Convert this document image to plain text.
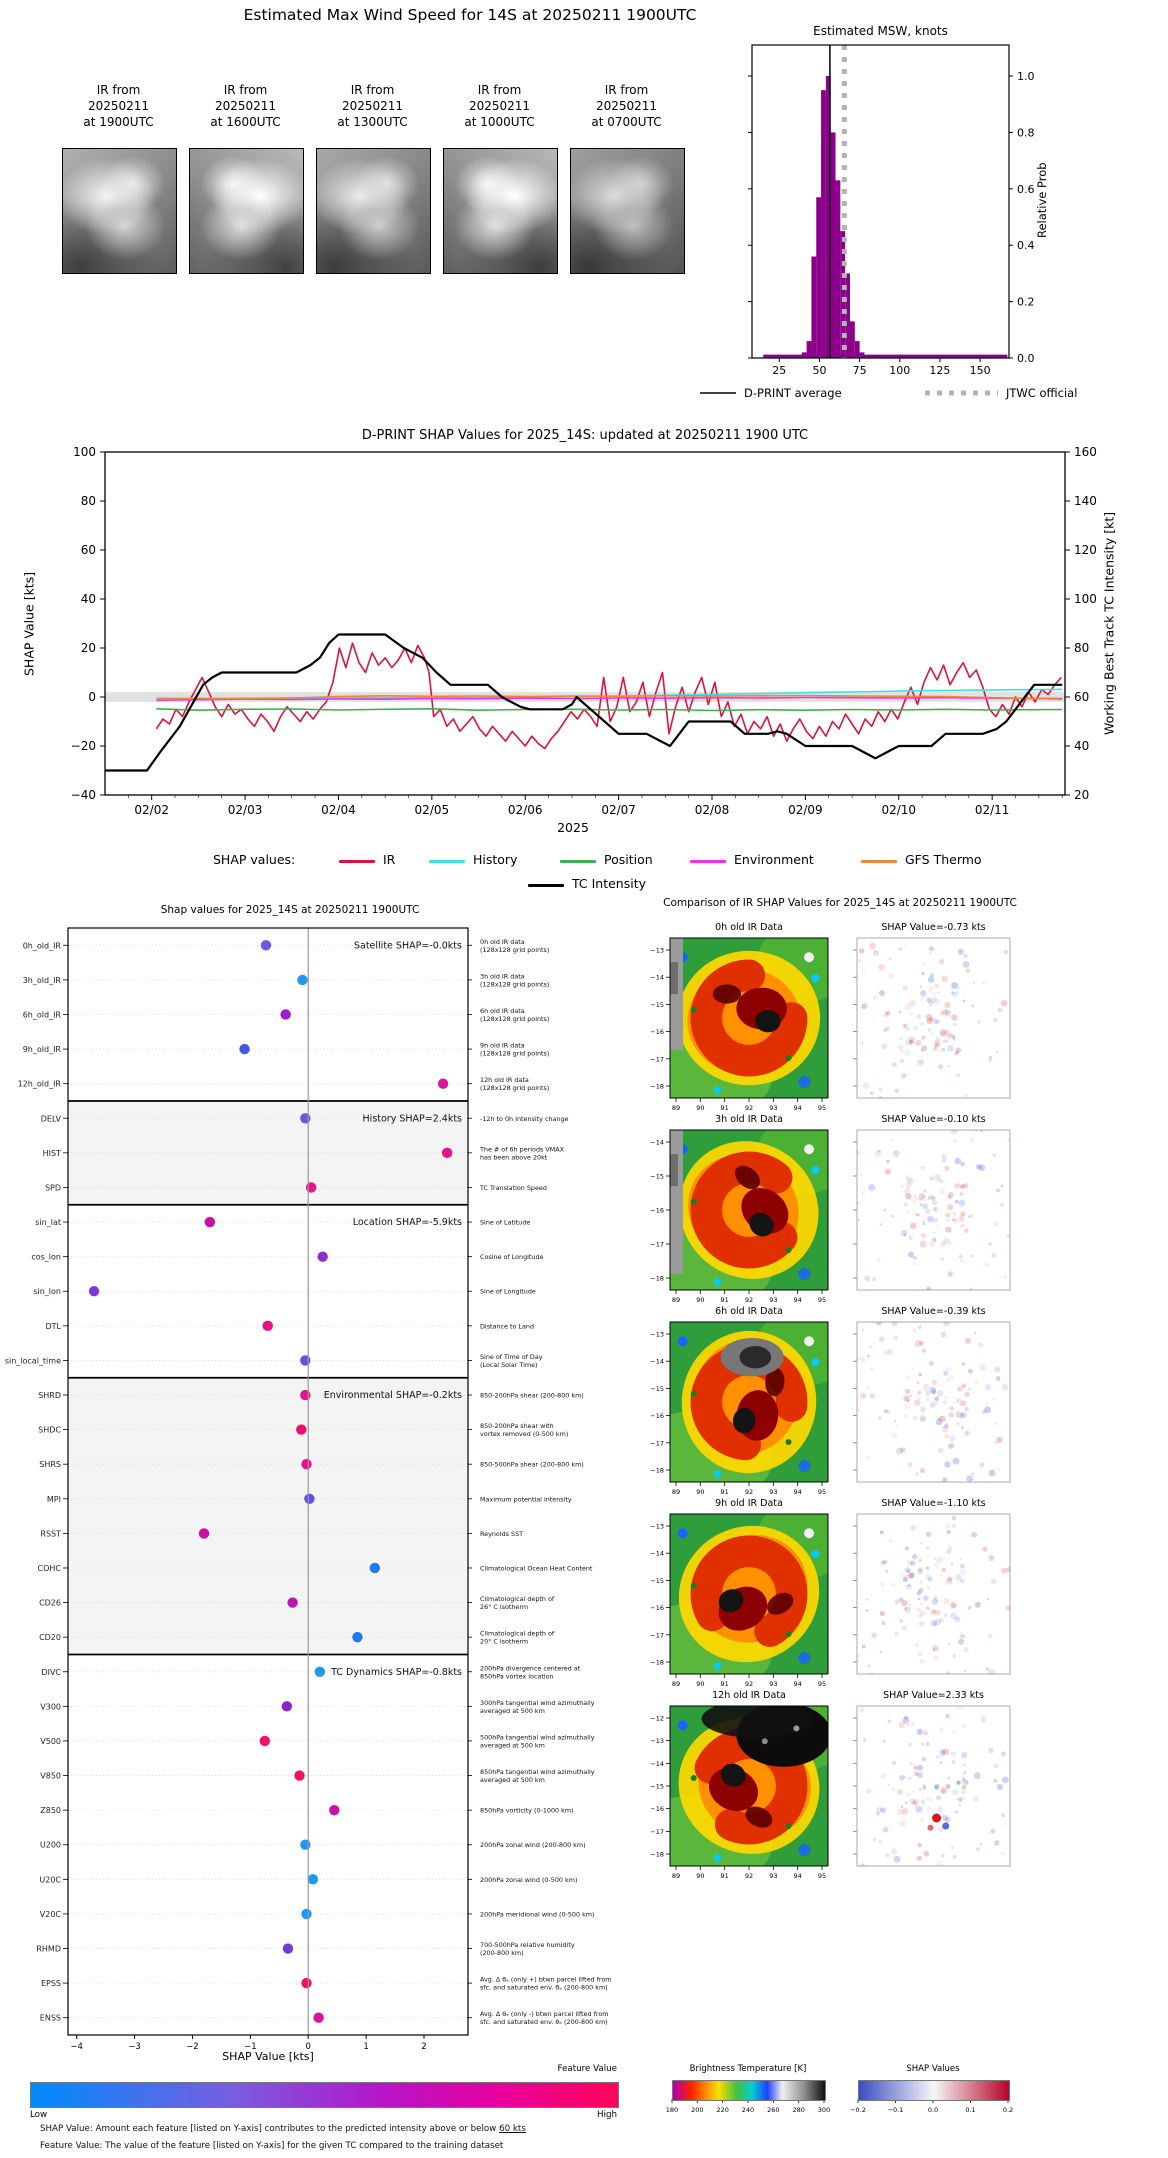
25 50 75 100 125 150
0.0
0.2
0.4
0.6
0.8
1.0
D-PRINT average	JTWC official
100	160
80	140
60	120
40	100
20	80
0	60
−20	40
−40	20
02/02	02/03	02/04	02/05	02/06	02/07	02/08	02/09	02/10	02/11
0h_old_IR	0h old IR data
(128x128 grid points)
3h_old_IR	3h old IR data
(128x128 grid points)
6h_old_IR	6h old IR data
(128x128 grid points)
9h_old_IR	9h old IR data
(128x128 grid points)
12h_old_IR	12h old IR data
(128x128 grid points)
Satellite SHAP=-0.0kts
DELV	-12h to 0h Intensity change
HIST	The # of 6h periods VMAX
has been above 20kt
SPD	TC Translation Speed
History SHAP=2.4kts
sin_lat	Sine of Latitude
cos_lon	Cosine of Longitude
sin_lon	Sine of Longitude
DTL	Distance to Land
sin_local_time	Sine of Time of Day
(Local Solar Time)
Location SHAP=-5.9kts
SHRD	850-200hPa shear (200-800 km)
SHDC	850-200hPa shear with
vortex removed (0-500 km)
SHRS	850-500hPa shear (200-800 km)
MPI	Maximum potential intensity
RSST	Reynolds SST
COHC	Climatological Ocean Heat Content
CD26	Climatological depth of
26° C isotherm
CD20	Climatological depth of
20° C isotherm
Environmental SHAP=-0.2kts
DIVC	200hPa divergence centered at
850hPa vortex location
V300	300hPa tangential wind azimuthally
averaged at 500 km
V500	500hPa tangential wind azimuthally
averaged at 500 km
V850	850hPa tangential wind azimuthally
averaged at 500 km
Z850	850hPa vorticity (0-1000 km)
U200	200hPa zonal wind (200-800 km)
U20C	200hPa zonal wind (0-500 km)
V20C	200hPa meridional wind (0-500 km)
RHMD	700-500hPa relative humidity
(200-800 km)
EPSS	Avg. Δ θₑ (only +) btwn parcel lifted from
sfc. and saturated env. θₑ (200-800 km)
ENSS	Avg. Δ θₑ (only -) btwn parcel lifted from
sfc. and saturated env. θₑ (200-800 km)
TC Dynamics SHAP=-0.8kts
−4	−3	−2	−1	0	1	2
0h old IR Data	SHAP Value=-0.73 kts
−13
−14
−15
−16
−17
−18
89 90 91 92 93 94 95
3h old IR Data	SHAP Value=-0.10 kts
−14
−15
−16
−17
−18
89 90 91 92 93 94 95
6h old IR Data	SHAP Value=-0.39 kts
−13
−14
−15
−16
−17
−18
89 90 91 92 93 94 95
9h old IR Data	SHAP Value=-1.10 kts
−13
−14
−15
−16
−17
−18
89 90 91 92 93 94 95
12h old IR Data	SHAP Value=2.33 kts
−12
−13
−14
−15
−16
−17
−18
89 90 91 92 93 94 95
180 200 220 240 260 280 300	−0.2	−0.1	0.0	0.1	0.2
Estimated Max Wind Speed for 14S at 20250211 1900UTC
IR from
20250211
at 1900UTC
IR from
20250211
at 1600UTC
IR from
20250211
at 1300UTC
IR from
20250211
at 1000UTC
IR from
20250211
at 0700UTC
Estimated MSW, knots
Relative Prob
D-PRINT SHAP Values for 2025_14S: updated at 20250211 1900 UTC
SHAP Value [kts]	Working Best Track TC Intensity [kt]
2025
SHAP values:	IR	History	Position	Environment	GFS Thermo
TC Intensity
Shap values for 2025_14S at 20250211 1900UTC
SHAP Value [kts]
Feature Value
Low	High
SHAP Value: Amount each feature [listed on Y-axis] contributes to the predicted intensity above or below 60 kts
Feature Value: The value of the feature [listed on Y-axis] for the given TC compared to the training dataset
Comparison of IR SHAP Values for 2025_14S at 20250211 1900UTC
Brightness Temperature [K]	SHAP Values
